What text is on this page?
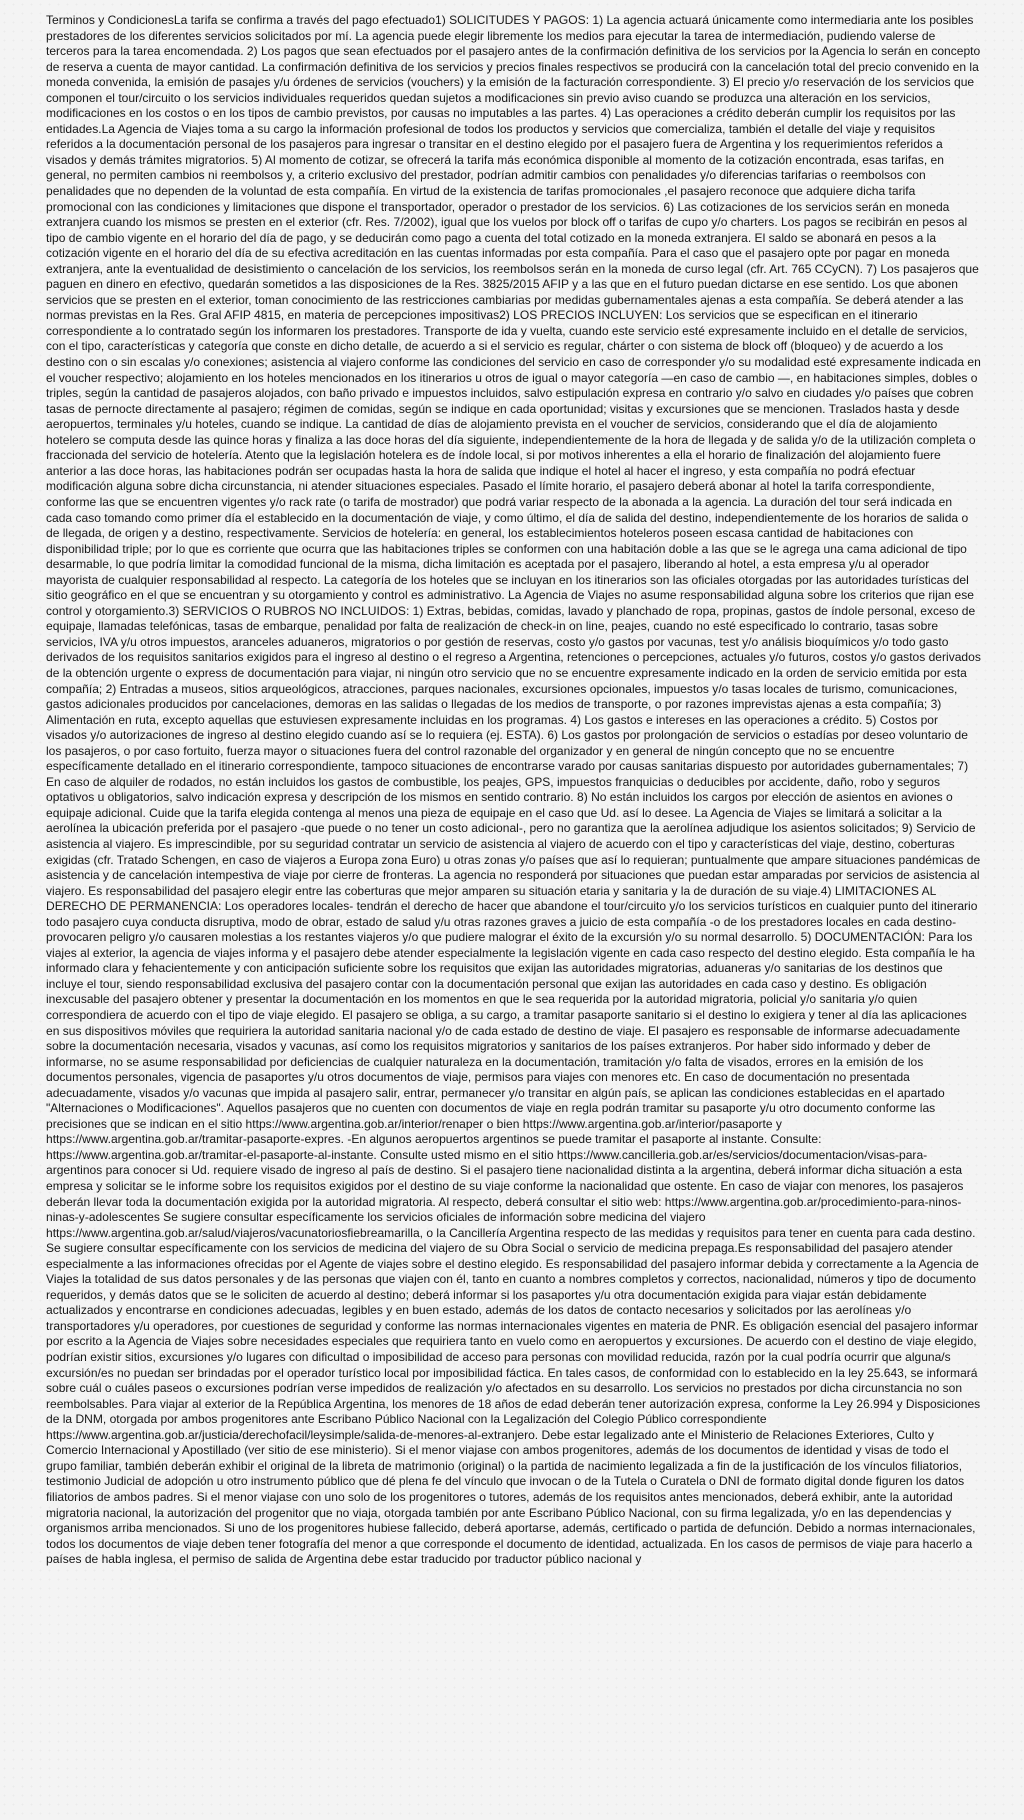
Terminos y CondicionesLa tarifa se confirma a través del pago efectuado1) SOLICITUDES Y PAGOS: 1) La agencia actuará únicamente como intermediaria ante los posibles prestadores de los diferentes servicios solicitados por mí. La agencia puede elegir libremente los medios para ejecutar la tarea de intermediación, pudiendo valerse de terceros para la tarea encomendada. 2) Los pagos que sean efectuados por el pasajero antes de la confirmación definitiva de los servicios por la Agencia lo serán en concepto de reserva a cuenta de mayor cantidad. La confirmación definitiva de los servicios y precios finales respectivos se producirá con la cancelación total del precio convenido en la moneda convenida, la emisión de pasajes y/u órdenes de servicios (vouchers) y la emisión de la facturación correspondiente. 3) El precio y/o reservación de los servicios que componen el tour/circuito o los servicios individuales requeridos quedan sujetos a modificaciones sin previo aviso cuando se produzca una alteración en los servicios, modificaciones en los costos o en los tipos de cambio previstos, por causas no imputables a las partes. 4) Las operaciones a crédito deberán cumplir los requisitos por las entidades.La Agencia de Viajes toma a su cargo la información profesional de todos los productos y servicios que comercializa, también el detalle del viaje y requisitos referidos a la documentación personal de los pasajeros para ingresar o transitar en el destino elegido por el pasajero fuera de Argentina y los requerimientos referidos a visados y demás trámites migratorios. 5) Al momento de cotizar, se ofrecerá la tarifa más económica disponible al momento de la cotización encontrada, esas tarifas, en general, no permiten cambios ni reembolsos y, a criterio exclusivo del prestador, podrían admitir cambios con penalidades y/o diferencias tarifarias o reembolsos con penalidades que no dependen de la voluntad de esta compañía. En virtud de la existencia de tarifas promocionales ,el pasajero reconoce que adquiere dicha tarifa promocional con las condiciones y limitaciones que dispone el transportador, operador o prestador de los servicios. 6) Las cotizaciones de los servicios serán en moneda extranjera cuando los mismos se presten en el exterior (cfr. Res. 7/2002), igual que los vuelos por block off o tarifas de cupo y/o charters. Los pagos se recibirán en pesos al tipo de cambio vigente en el horario del día de pago, y se deducirán como pago a cuenta del total cotizado en la moneda extranjera. El saldo se abonará en pesos a la cotización vigente en el horario del día de su efectiva acreditación en las cuentas informadas por esta compañía. Para el caso que el pasajero opte por pagar en moneda extranjera, ante la eventualidad de desistimiento o cancelación de los servicios, los reembolsos serán en la moneda de curso legal (cfr. Art. 765 CCyCN). 7) Los pasajeros que paguen en dinero en efectivo, quedarán sometidos a las disposiciones de la Res. 3825/2015 AFIP y a las que en el futuro puedan dictarse en ese sentido. Los que abonen servicios que se presten en el exterior, toman conocimiento de las restricciones cambiarias por medidas gubernamentales ajenas a esta compañía. Se deberá atender a las normas previstas en la Res. Gral AFIP 4815, en materia de percepciones impositivas2) LOS PRECIOS INCLUYEN: Los servicios que se especifican en el itinerario correspondiente a lo contratado según los informaren los prestadores. Transporte de ida y vuelta, cuando este servicio esté expresamente incluido en el detalle de servicios, con el tipo, características y categoría que conste en dicho detalle, de acuerdo a si el servicio es regular, chárter o con sistema de block off (bloqueo) y de acuerdo a los destino con o sin escalas y/o conexiones; asistencia al viajero conforme las condiciones del servicio en caso de corresponder y/o su modalidad esté expresamente indicada en el voucher respectivo; alojamiento en los hoteles mencionados en los itinerarios u otros de igual o mayor categoría —en caso de cambio —, en habitaciones simples, dobles o triples, según la cantidad de pasajeros alojados, con baño privado e impuestos incluidos, salvo estipulación expresa en contrario y/o salvo en ciudades y/o países que cobren tasas de pernocte directamente al pasajero; régimen de comidas, según se indique en cada oportunidad; visitas y excursiones que se mencionen. Traslados hasta y desde aeropuertos, terminales y/u hoteles, cuando se indique. La cantidad de días de alojamiento prevista en el voucher de servicios, considerando que el día de alojamiento hotelero se computa desde las quince horas y finaliza a las doce horas del día siguiente, independientemente de la hora de llegada y de salida y/o de la utilización completa o fraccionada del servicio de hotelería. Atento que la legislación hotelera es de índole local, si por motivos inherentes a ella el horario de finalización del alojamiento fuere anterior a las doce horas, las habitaciones podrán ser ocupadas hasta la hora de salida que indique el hotel al hacer el ingreso, y esta compañía no podrá efectuar modificación alguna sobre dicha circunstancia, ni atender situaciones especiales. Pasado el límite horario, el pasajero deberá abonar al hotel la tarifa correspondiente, conforme las que se encuentren vigentes y/o rack rate (o tarifa de mostrador) que podrá variar respecto de la abonada a la agencia. La duración del tour será indicada en cada caso tomando como primer día el establecido en la documentación de viaje, y como último, el día de salida del destino, independientemente de los horarios de salida o de llegada, de origen y a destino, respectivamente. Servicios de hotelería: en general, los establecimientos hoteleros poseen escasa cantidad de habitaciones con disponibilidad triple; por lo que es corriente que ocurra que las habitaciones triples se conformen con una habitación doble a las que se le agrega una cama adicional de tipo desarmable, lo que podría limitar la comodidad funcional de la misma, dicha limitación es aceptada por el pasajero, liberando al hotel, a esta empresa y/u al operador mayorista de cualquier responsabilidad al respecto. La categoría de los hoteles que se incluyan en los itinerarios son las oficiales otorgadas por las autoridades turísticas del sitio geográfico en el que se encuentran y su otorgamiento y control es administrativo. La Agencia de Viajes no asume responsabilidad alguna sobre los criterios que rijan ese control y otorgamiento.3) SERVICIOS O RUBROS NO INCLUIDOS: 1) Extras, bebidas, comidas, lavado y planchado de ropa, propinas, gastos de índole personal, exceso de equipaje, llamadas telefónicas, tasas de embarque, penalidad por falta de realización de check-in on line, peajes, cuando no esté especificado lo contrario, tasas sobre servicios, IVA y/u otros impuestos, aranceles aduaneros, migratorios o por gestión de reservas, costo y/o gastos por vacunas, test y/o análisis bioquímicos y/o todo gasto derivados de los requisitos sanitarios exigidos para el ingreso al destino o el regreso a Argentina, retenciones o percepciones, actuales y/o futuros, costos y/o gastos derivados de la obtención urgente o express de documentación para viajar, ni ningún otro servicio que no se encuentre expresamente indicado en la orden de servicio emitida por esta compañía; 2) Entradas a museos, sitios arqueológicos, atracciones, parques nacionales, excursiones opcionales, impuestos y/o tasas locales de turismo, comunicaciones, gastos adicionales producidos por cancelaciones, demoras en las salidas o llegadas de los medios de transporte, o por razones imprevistas ajenas a esta compañía; 3) Alimentación en ruta, excepto aquellas que estuviesen expresamente incluidas en los programas. 4) Los gastos e intereses en las operaciones a crédito. 5) Costos por visados y/o autorizaciones de ingreso al destino elegido cuando así se lo requiera (ej. ESTA). 6) Los gastos por prolongación de servicios o estadías por deseo voluntario de los pasajeros, o por caso fortuito, fuerza mayor o situaciones fuera del control razonable del organizador y en general de ningún concepto que no se encuentre específicamente detallado en el itinerario correspondiente, tampoco situaciones de encontrarse varado por causas sanitarias dispuesto por autoridades gubernamentales; 7) En caso de alquiler de rodados, no están incluidos los gastos de combustible, los peajes, GPS, impuestos franquicias o deducibles por accidente, daño, robo y seguros optativos u obligatorios, salvo indicación expresa y descripción de los mismos en sentido contrario. 8) No están incluidos los cargos por elección de asientos en aviones o equipaje adicional. Cuide que la tarifa elegida contenga al menos una pieza de equipaje en el caso que Ud. así lo desee. La Agencia de Viajes se limitará a solicitar a la aerolínea la ubicación preferida por el pasajero -que puede o no tener un costo adicional-, pero no garantiza que la aerolínea adjudique los asientos solicitados; 9) Servicio de asistencia al viajero. Es imprescindible, por su seguridad contratar un servicio de asistencia al viajero de acuerdo con el tipo y características del viaje, destino, coberturas exigidas (cfr. Tratado Schengen, en caso de viajeros a Europa zona Euro) u otras zonas y/o países que así lo requieran; puntualmente que ampare situaciones pandémicas de asistencia y de cancelación intempestiva de viaje por cierre de fronteras. La agencia no responderá por situaciones que puedan estar amparadas por servicios de asistencia al viajero. Es responsabilidad del pasajero elegir entre las coberturas que mejor amparen su situación etaria y sanitaria y la de duración de su viaje.4) LIMITACIONES AL DERECHO DE PERMANENCIA: Los operadores locales- tendrán el derecho de hacer que abandone el tour/circuito y/o los servicios turísticos en cualquier punto del itinerario todo pasajero cuya conducta disruptiva, modo de obrar, estado de salud y/u otras razones graves a juicio de esta compañía -o de los prestadores locales en cada destino- provocaren peligro y/o causaren molestias a los restantes viajeros y/o que pudiere malograr el éxito de la excursión y/o su normal desarrollo. 5) DOCUMENTACIÓN: Para los viajes al exterior, la agencia de viajes informa y el pasajero debe atender especialmente la legislación vigente en cada caso respecto del destino elegido. Esta compañía le ha informado clara y fehacientemente y con anticipación suficiente sobre los requisitos que exijan las autoridades migratorias, aduaneras y/o sanitarias de los destinos que incluye el tour, siendo responsabilidad exclusiva del pasajero contar con la documentación personal que exijan las autoridades en cada caso y destino. Es obligación inexcusable del pasajero obtener y presentar la documentación en los momentos en que le sea requerida por la autoridad migratoria, policial y/o sanitaria y/o quien correspondiera de acuerdo con el tipo de viaje elegido. El pasajero se obliga, a su cargo, a tramitar pasaporte sanitario si el destino lo exigiera y tener al día las aplicaciones en sus dispositivos móviles que requiriera la autoridad sanitaria nacional y/o de cada estado de destino de viaje. El pasajero es responsable de informarse adecuadamente sobre la documentación necesaria, visados y vacunas, así como los requisitos migratorios y sanitarios de los países extranjeros. Por haber sido informado y deber de informarse, no se asume responsabilidad por deficiencias de cualquier naturaleza en la documentación, tramitación y/o falta de visados, errores en la emisión de los documentos personales, vigencia de pasaportes y/u otros documentos de viaje, permisos para viajes con menores etc. En caso de documentación no presentada adecuadamente, visados y/o vacunas que impida al pasajero salir, entrar, permanecer y/o transitar en algún país, se aplican las condiciones establecidas en el apartado "Alternaciones o Modificaciones". Aquellos pasajeros que no cuenten con documentos de viaje en regla podrán tramitar su pasaporte y/u otro documento conforme las precisiones que se indican en el sitio https://www.argentina.gob.ar/interior/renaper o bien https://www.argentina.gob.ar/interior/pasaporte y https://www.argentina.gob.ar/tramitar-pasaporte-expres. -En algunos aeropuertos argentinos se puede tramitar el pasaporte al instante. Consulte: https://www.argentina.gob.ar/tramitar-el-pasaporte-al-instante. Consulte usted mismo en el sitio https://www.cancilleria.gob.ar/es/servicios/documentacion/visas-para-argentinos para conocer si Ud. requiere visado de ingreso al país de destino. Si el pasajero tiene nacionalidad distinta a la argentina, deberá informar dicha situación a esta empresa y solicitar se le informe sobre los requisitos exigidos por el destino de su viaje conforme la nacionalidad que ostente. En caso de viajar con menores, los pasajeros deberán llevar toda la documentación exigida por la autoridad migratoria. Al respecto, deberá consultar el sitio web: https://www.argentina.gob.ar/procedimiento-para-ninos-ninas-y-adolescentes Se sugiere consultar específicamente los servicios oficiales de información sobre medicina del viajero https://www.argentina.gob.ar/salud/viajeros/vacunatoriosfiebreamarilla, o la Cancillería Argentina respecto de las medidas y requisitos para tener en cuenta para cada destino. Se sugiere consultar específicamente con los servicios de medicina del viajero de su Obra Social o servicio de medicina prepaga.Es responsabilidad del pasajero atender especialmente a las informaciones ofrecidas por el Agente de viajes sobre el destino elegido. Es responsabilidad del pasajero informar debida y correctamente a la Agencia de Viajes la totalidad de sus datos personales y de las personas que viajen con él, tanto en cuanto a nombres completos y correctos, nacionalidad, números y tipo de documento requeridos, y demás datos que se le soliciten de acuerdo al destino; deberá informar si los pasaportes y/u otra documentación exigida para viajar están debidamente actualizados y encontrarse en condiciones adecuadas, legibles y en buen estado, además de los datos de contacto necesarios y solicitados por las aerolíneas y/o transportadores y/u operadores, por cuestiones de seguridad y conforme las normas internacionales vigentes en materia de PNR. Es obligación esencial del pasajero informar por escrito a la Agencia de Viajes sobre necesidades especiales que requiriera tanto en vuelo como en aeropuertos y excursiones. De acuerdo con el destino de viaje elegido, podrían existir sitios, excursiones y/o lugares con dificultad o imposibilidad de acceso para personas con movilidad reducida, razón por la cual podría ocurrir que alguna/s excursión/es no puedan ser brindadas por el operador turístico local por imposibilidad fáctica. En tales casos, de conformidad con lo establecido en la ley 25.643, se informará sobre cuál o cuáles paseos o excursiones podrían verse impedidos de realización y/o afectados en su desarrollo. Los servicios no prestados por dicha circunstancia no son reembolsables. Para viajar al exterior de la República Argentina, los menores de 18 años de edad deberán tener autorización expresa, conforme la Ley 26.994 y Disposiciones de la DNM, otorgada por ambos progenitores ante Escribano Público Nacional con la Legalización del Colegio Público correspondiente https://www.argentina.gob.ar/justicia/derechofacil/leysimple/salida-de-menores-al-extranjero. Debe estar legalizado ante el Ministerio de Relaciones Exteriores, Culto y Comercio Internacional y Apostillado (ver sitio de ese ministerio). Si el menor viajase con ambos progenitores, además de los documentos de identidad y visas de todo el grupo familiar, también deberán exhibir el original de la libreta de matrimonio (original) o la partida de nacimiento legalizada a fin de la justificación de los vínculos filiatorios, testimonio Judicial de adopción u otro instrumento público que dé plena fe del vínculo que invocan o de la Tutela o Curatela o DNI de formato digital donde figuren los datos filiatorios de ambos padres. Si el menor viajase con uno solo de los progenitores o tutores, además de los requisitos antes mencionados, deberá exhibir, ante la autoridad migratoria nacional, la autorización del progenitor que no viaja, otorgada también por ante Escribano Público Nacional, con su firma legalizada, y/o en las dependencias y organismos arriba mencionados. Si uno de los progenitores hubiese fallecido, deberá aportarse, además, certificado o partida de defunción. Debido a normas internacionales, todos los documentos de viaje deben tener fotografía del menor a que corresponde el documento de identidad, actualizada. En los casos de permisos de viaje para hacerlo a países de habla inglesa, el permiso de salida de Argentina debe estar traducido por traductor público nacional y
